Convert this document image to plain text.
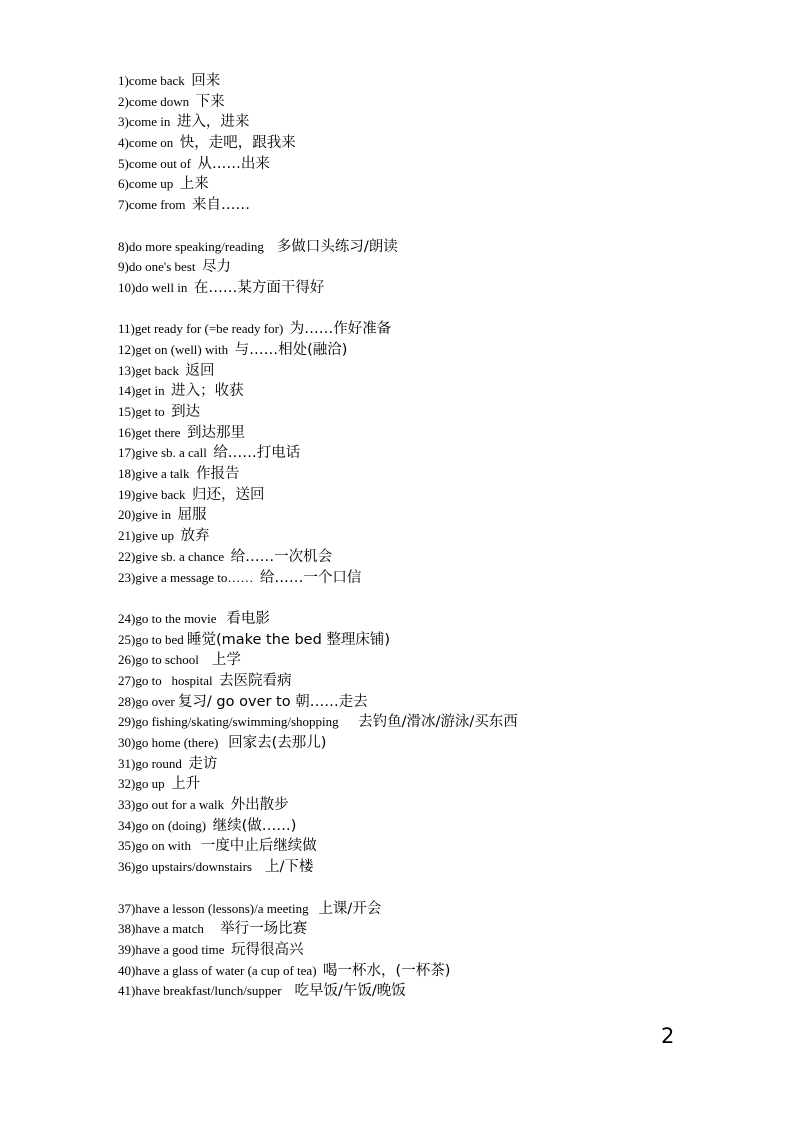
1)come back  回来
2)come down  下来
3)come in  进入，进来
4)come on  快，走吧，跟我来
5)come out of  从……出来
6)come up  上来
7)come from  来自……
8)do more speaking/reading    多做口头练习/朗读
9)do one's best  尽力
10)do well in  在……某方面干得好
11)get ready for (=be ready for)  为……作好准备
12)get on (well) with  与……相处(融洽)
13)get back  返回
14)get in  进入；收获
15)get to  到达
16)get there  到达那里
17)give sb. a call  给……打电话
18)give a talk  作报告
19)give back  归还，送回
20)give in  屈服
21)give up  放弃
22)give sb. a chance  给……一次机会
23)give a message to……  给……一个口信
24)go to the movie   看电影
25)go to bed 睡觉(make the bed 整理床铺)
26)go to school    上学
27)go to   hospital  去医院看病
28)go over 复习/ go over to 朝……走去
29)go fishing/skating/swimming/shopping      去钓鱼/滑冰/游泳/买东西
30)go home (there)   回家去(去那儿)
31)go round  走访
32)go up  上升
33)go out for a walk  外出散步
34)go on (doing)  继续(做……)
35)go on with   一度中止后继续做
36)go upstairs/downstairs    上/下楼
37)have a lesson (lessons)/a meeting   上课/开会
38)have a match     举行一场比赛
39)have a good time  玩得很高兴
40)have a glass of water (a cup of tea)  喝一杯水，(一杯茶)
41)have breakfast/lunch/supper    吃早饭/午饭/晚饭
2
